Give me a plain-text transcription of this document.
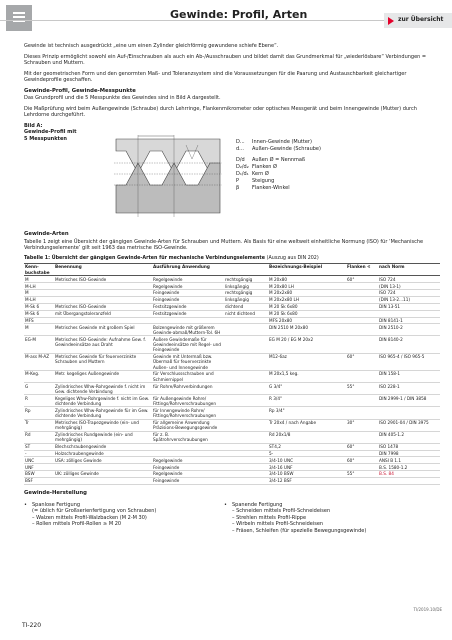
Gewinde: Profil, Arten	zur Übersicht

Gewinde ist technisch ausgedrückt „eine um einen Zylinder gleichförmig gewundene schiefe Ebene“.

Dieses Prinzip ermöglicht sowohl ein Auf-/Einschrauben als auch ein Ab-/Ausschrauben und bildet damit das Grundmerkmal für „wiederlösbare“ Verbindungen = Schrauben und Muttern.

Mit der geometrischen Form und den genormten Maß- und Toleranzsystem sind die Voraussetzungen für die Paarung und Austauschbarkeit gleichartiger Gewindeprofile geschaffen.

Gewinde-Profil, Gewinde-Messpunkte

Das Grundprofil und die 5 Messpunkte des Gewindes sind in Bild A dargestellt.

Die Maßprüfung wird beim Außengewinde (Schraube) durch Lehrringe, Flankenmikrometer oder optisches Messgerät und beim Innengewinde (Mutter) durch Lehrdorne durchgeführt.

Bild A:
Gewinde-Profil mit
5 Messpunkten	D...	Innen-Gewinde (Mutter)
d...	Außen-Gewinde (Schraube)
D/d	Außen Ø = Nennmaß
D₂/d₂ Flanken Ø
D₁/d₁ Kern Ø
P	Steigung
β	Flanken-Winkel
Gewinde-Arten

Tabelle 1 zeigt eine Übersicht der gängigen Gewinde-Arten für Schrauben und Muttern. Als Basis für eine weltweit einheitliche Normung (ISO) für ‘Mechanische Verbindungselemente’ gilt seit 1963 das metrische ISO-Gewinde.

Tabelle 1: Übersicht der gängigen Gewinde-Arten für mechanische Verbindungselemente (Auszug aus DIN 202)
Kenn-buchstabe	Benennung	Ausführung Anwendung		Bezeichnungs-Beispiel	Flanken ∢	nach Norm
M	Metrisches ISO-Gewinde	Regelgewinde	rechtsgängig	M 20x80	60°	ISO 724
M-LH		Regelgewinde	linksgängig	M 20x80 LH		(DIN 13-1)
M		Feingewinde	rechtsgängig	M 20x2x80		ISO 724
M-LH		Feingewinde	linksgängig	M 20x2x80 LH		(DIN 13-2...11)
M-Sk 6	Metrisches ISO-Gewinde	Festsitzgewinde	dichtend	M 20 Sk 6x80		DIN 13-51
M-Sk 6	mit Übergangstoleranzfeld	Festsitzgewinde	nicht dichtend	M 20 Sk 6x80		
MFS				MFS 20x80		DIN 8141-1
M	Metrisches Gewinde mit großem Spiel	Bolzengewinde mit größerem Gewinde-abmaß/Muttern-Tol. 6H		DIN 2510 M 20x80		DIN 2510-2
EG-M	Metrisches ISO-Gewinde: Aufnahme Gew. f. Gewindeeinsätze aus Draht	Äußere Gewindemaße für Gewindeeinsätze mit Regel- und Feingewinde		EG M 20 / EG M 20x2		DIN 8140-2
M-ass M-AZ	Metrisches Gewinde für feuerverzinkte Schrauben und Muttern	Gewinde mit Untermaß bzw. Übermaß für feuerverzinkte Außen- und Innengewinde		M12-6az	60°	ISO 965-4 / ISO 965-5
M-Keg.	Metr. kegeliges Außengewinde	für Verschlussschrauben und Schmiernippel		M 20x1,5 keg.		DIN 158-1
G	Zylindrisches Whw-Rohrgewinde f. nicht im Gew. dichtende Verbindung	für Rohre/Rohrverbindungen		G 3/4"	55°	ISO 228-1
R	Kegeliges Whw-Rohrgewinde f. nicht im Gew. dichtende Verbindung	für Außengewinde Rohre/ Fittings/Rohrverschraubungen		R 3/4"		DIN 2999-1 / DIN 3858
Rp	Zylindrisches Whw-Rohrgewinde für im Gew. dichtende Verbindung	für Innengewinde Rohre/ Fittings/Rohrverschraubungen		Rp 3/4"		
Tr	Metrisches ISO-Trapezgewinde (ein- und mehrgängig)	für allgemeine Anwendung Präzisions-Bewegungsgewinde		Tr 20x4 / nach Angabe	30°	ISO 2901-04 / DIN 3975
Rd	Zylindrisches Rundgewinde (ein- und mehrgängig)	für z. B. Spätrohrverschraubungen		Rd 20x1/8		DIN 405-1.2
ST	Blechschraubengewinde			ST4,2	60°	ISO 1478
-	Holzschraubengewinde			5-		DIN 7998
UNC	USA: zölliges Gewinde	Regelgewinde		3/4-10 UNC	60°	ANSI B 1.1
UNF		Feingewinde		3/4-16 UNF		B.S. 1580-1.2
BSW	UK: zölliges Gewinde	Regelgewinde		3/4-10 BSW	55°	B.S. 84
BSF		Feingewinde		3/4-12 BSF		
Gewinde-Herstellung
•	Spanlose Fertigung
(= üblich für Großserienfertigung von Schrauben)
– Walzen mittels Profil-Walzbacken (M 2-M 30)
– Rollen mittels Profil-Rollen ≥ M 20
•	Spanende Fertigung
– Schneiden mittels Profil-Schneideisen
– Strehlen mittels Profil-Rippe
– Wirbeln mittels Profil-Schneideisen
– Fräsen, Schleifen (für spezielle Bewegungsgewinde)
TI/2019.10/DE
TI-220
